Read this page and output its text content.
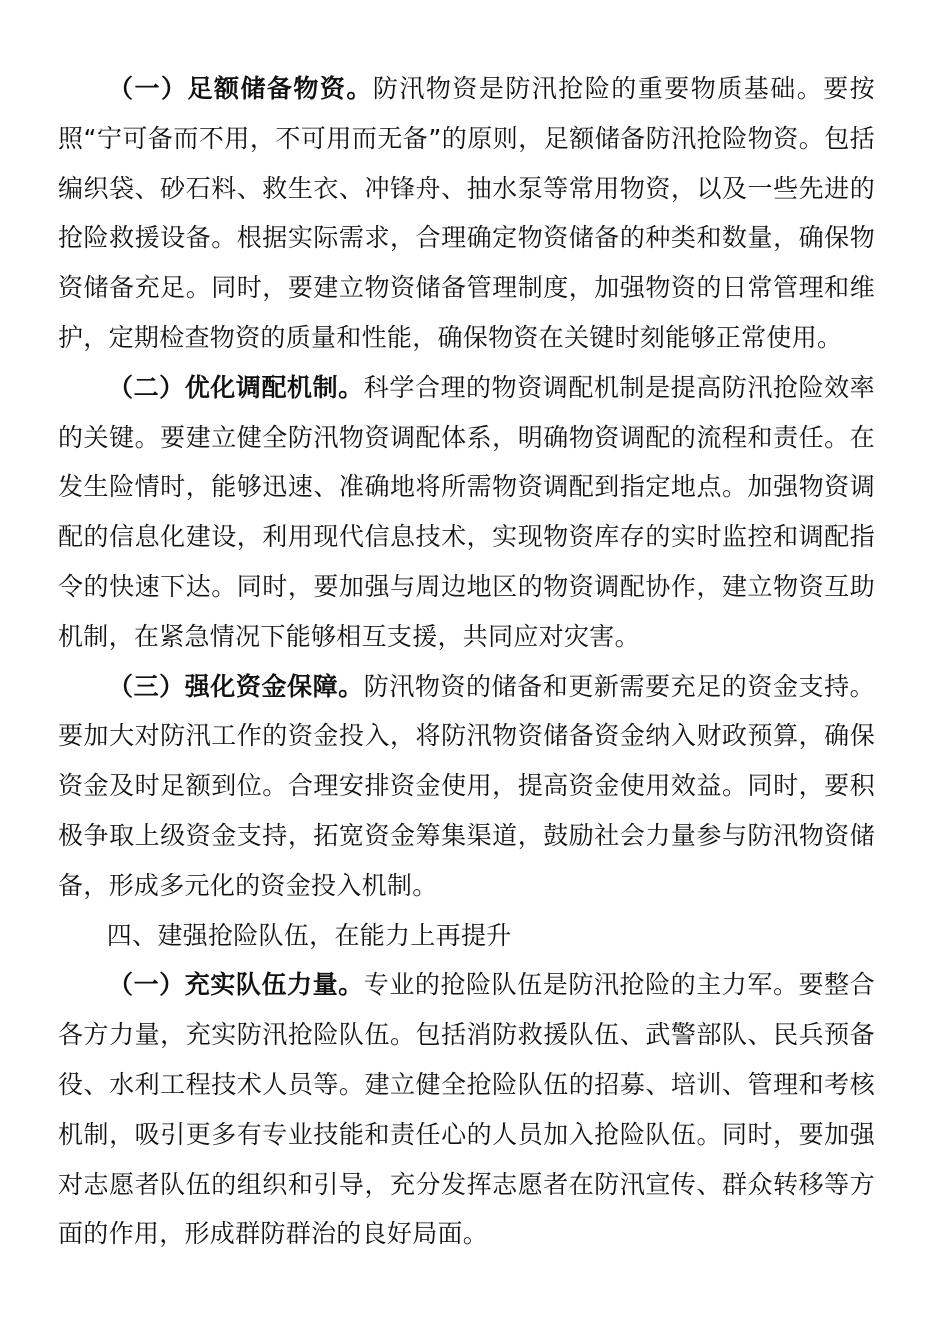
（一）足额储备物资。防汛物资是防汛抢险的重要物质基础。要按照“宁可备而不用，不可用而无备”的原则，足额储备防汛抢险物资。包括编织袋、砂石料、救生衣、冲锋舟、抽水泵等常用物资，以及一些先进的抢险救援设备。根据实际需求，合理确定物资储备的种类和数量，确保物资储备充足。同时，要建立物资储备管理制度，加强物资的日常管理和维护，定期检查物资的质量和性能，确保物资在关键时刻能够正常使用。

（二）优化调配机制。科学合理的物资调配机制是提高防汛抢险效率的关键。要建立健全防汛物资调配体系，明确物资调配的流程和责任。在发生险情时，能够迅速、准确地将所需物资调配到指定地点。加强物资调配的信息化建设，利用现代信息技术，实现物资库存的实时监控和调配指令的快速下达。同时，要加强与周边地区的物资调配协作，建立物资互助机制，在紧急情况下能够相互支援，共同应对灾害。

（三）强化资金保障。防汛物资的储备和更新需要充足的资金支持。要加大对防汛工作的资金投入，将防汛物资储备资金纳入财政预算，确保资金及时足额到位。合理安排资金使用，提高资金使用效益。同时，要积极争取上级资金支持，拓宽资金筹集渠道，鼓励社会力量参与防汛物资储备，形成多元化的资金投入机制。

四、建强抢险队伍，在能力上再提升

（一）充实队伍力量。专业的抢险队伍是防汛抢险的主力军。要整合各方力量，充实防汛抢险队伍。包括消防救援队伍、武警部队、民兵预备役、水利工程技术人员等。建立健全抢险队伍的招募、培训、管理和考核机制，吸引更多有专业技能和责任心的人员加入抢险队伍。同时，要加强对志愿者队伍的组织和引导，充分发挥志愿者在防汛宣传、群众转移等方面的作用，形成群防群治的良好局面。
